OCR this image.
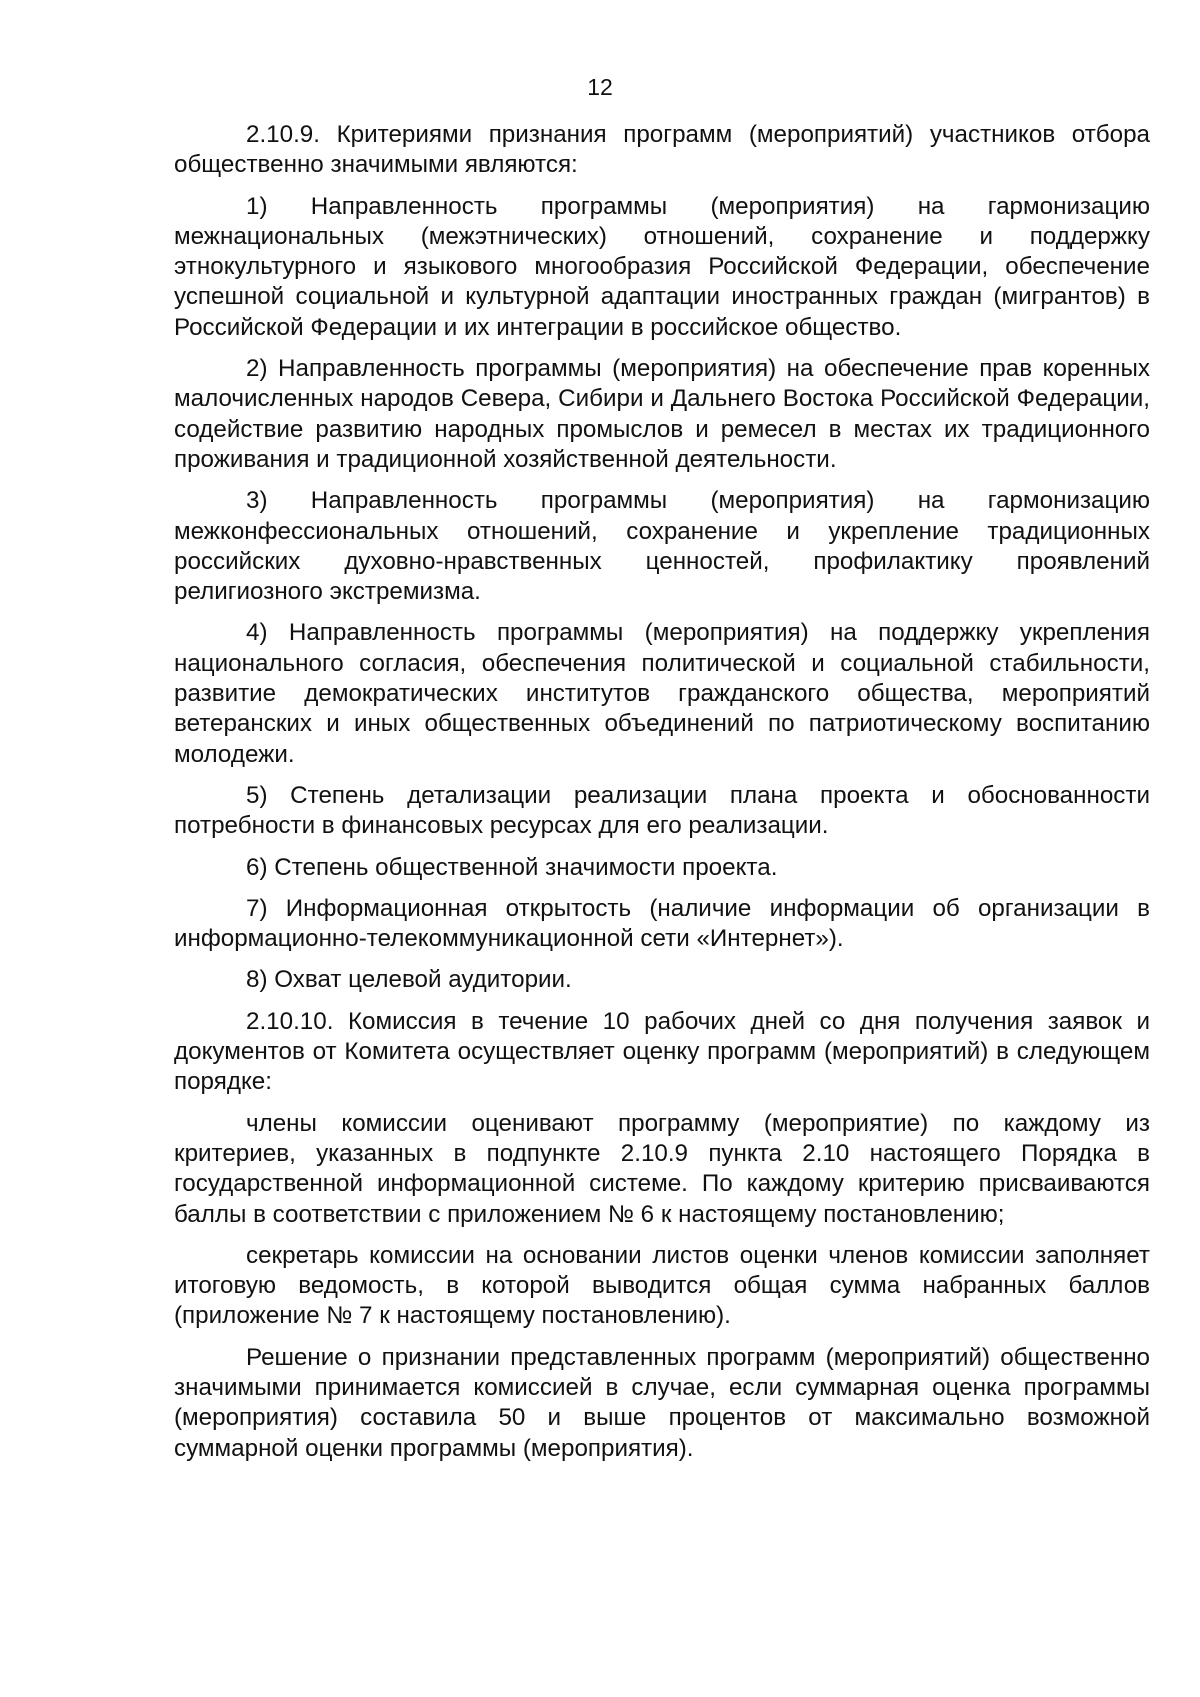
12

2.10.9. Критериями признания программ (мероприятий) участников отбора общественно значимыми являются:

1) Направленность программы (мероприятия) на гармонизацию межнациональных (межэтнических) отношений, сохранение и поддержку этнокультурного и языкового многообразия Российской Федерации, обеспечение успешной социальной и культурной адаптации иностранных граждан (мигрантов) в Российской Федерации и их интеграции в российское общество.

2) Направленность программы (мероприятия) на обеспечение прав коренных малочисленных народов Севера, Сибири и Дальнего Востока Российской Федерации, содействие развитию народных промыслов и ремесел в местах их традиционного проживания и традиционной хозяйственной деятельности.

3) Направленность программы (мероприятия) на гармонизацию межконфессиональных отношений, сохранение и укрепление традиционных российских духовно-нравственных ценностей, профилактику проявлений религиозного экстремизма.

4) Направленность программы (мероприятия) на поддержку укрепления национального согласия, обеспечения политической и социальной стабильности, развитие демократических институтов гражданского общества, мероприятий ветеранских и иных общественных объединений по патриотическому воспитанию молодежи.

5) Степень детализации реализации плана проекта и обоснованности потребности в финансовых ресурсах для его реализации.

6) Степень общественной значимости проекта.

7) Информационная открытость (наличие информации об организации в информационно-телекоммуникационной сети «Интернет»).

8) Охват целевой аудитории.

2.10.10. Комиссия в течение 10 рабочих дней со дня получения заявок и документов от Комитета осуществляет оценку программ (мероприятий) в следующем порядке:

члены комиссии оценивают программу (мероприятие) по каждому из критериев, указанных в подпункте 2.10.9 пункта 2.10 настоящего Порядка в государственной информационной системе. По каждому критерию присваиваются баллы в соответствии с приложением № 6 к настоящему постановлению;

секретарь комиссии на основании листов оценки членов комиссии заполняет итоговую ведомость, в которой выводится общая сумма набранных баллов (приложение № 7 к настоящему постановлению).

Решение о признании представленных программ (мероприятий) общественно значимыми принимается комиссией в случае, если суммарная оценка программы (мероприятия) составила 50 и выше процентов от максимально возможной суммарной оценки программы (мероприятия).
